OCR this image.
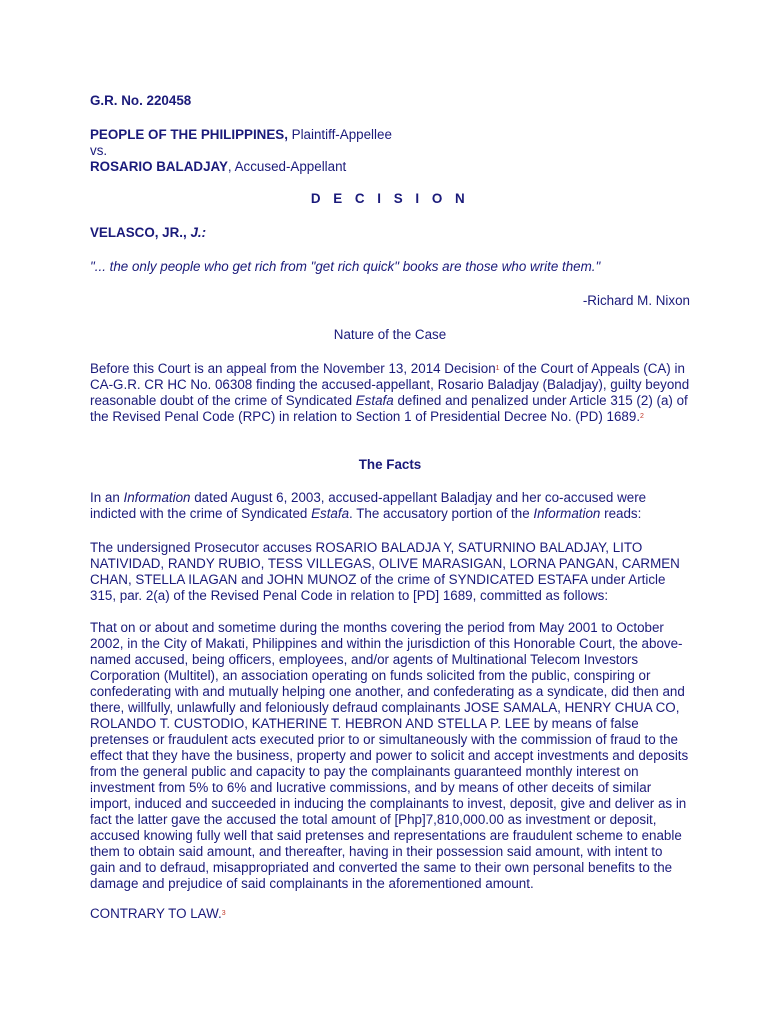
G.R. No. 220458

PEOPLE OF THE PHILIPPINES, Plaintiff-Appellee

vs.

ROSARIO BALADJAY, Accused-Appellant

D E C I S I O N

VELASCO, JR., J.:

"... the only people who get rich from "get rich quick" books are those who write them."

-Richard M. Nixon

Nature of the Case

Before this Court is an appeal from the November 13, 2014 Decision$^1$ of the Court of Appeals (CA) in CA-G.R. CR HC No. 06308 finding the accused-appellant, Rosario Baladjay (Baladjay), guilty beyond reasonable doubt of the crime of Syndicated Estafa defined and penalized under Article 315 (2) (a) of the Revised Penal Code (RPC) in relation to Section 1 of Presidential Decree No. (PD) 1689.$^2$

The Facts

In an Information dated August 6, 2003, accused-appellant Baladjay and her co-accused were indicted with the crime of Syndicated Estafa. The accusatory portion of the Information reads:

The undersigned Prosecutor accuses ROSARIO BALADJA Y, SATURNINO BALADJAY, LITO NATIVIDAD, RANDY RUBIO, TESS VILLEGAS, OLIVE MARASIGAN, LORNA PANGAN, CARMEN CHAN, STELLA ILAGAN and JOHN MUNOZ of the crime of SYNDICATED ESTAFA under Article 315, par. 2(a) of the Revised Penal Code in relation to [PD] 1689, committed as follows:

That on or about and sometime during the months covering the period from May 2001 to October 2002, in the City of Makati, Philippines and within the jurisdiction of this Honorable Court, the above-named accused, being officers, employees, and/or agents of Multinational Telecom Investors Corporation (Multitel), an association operating on funds solicited from the public, conspiring or confederating with and mutually helping one another, and confederating as a syndicate, did then and there, willfully, unlawfully and feloniously defraud complainants JOSE SAMALA, HENRY CHUA CO, ROLANDO T. CUSTODIO, KATHERINE T. HEBRON AND STELLA P. LEE by means of false pretenses or fraudulent acts executed prior to or simultaneously with the commission of fraud to the effect that they have the business, property and power to solicit and accept investments and deposits from the general public and capacity to pay the complainants guaranteed monthly interest on investment from 5% to 6% and lucrative commissions, and by means of other deceits of similar import, induced and succeeded in inducing the complainants to invest, deposit, give and deliver as in fact the latter gave the accused the total amount of [Php]7,810,000.00 as investment or deposit, accused knowing fully well that said pretenses and representations are fraudulent scheme to enable them to obtain said amount, and thereafter, having in their possession said amount, with intent to gain and to defraud, misappropriated and converted the same to their own personal benefits to the damage and prejudice of said complainants in the aforementioned amount.

CONTRARY TO LAW.$^3$
